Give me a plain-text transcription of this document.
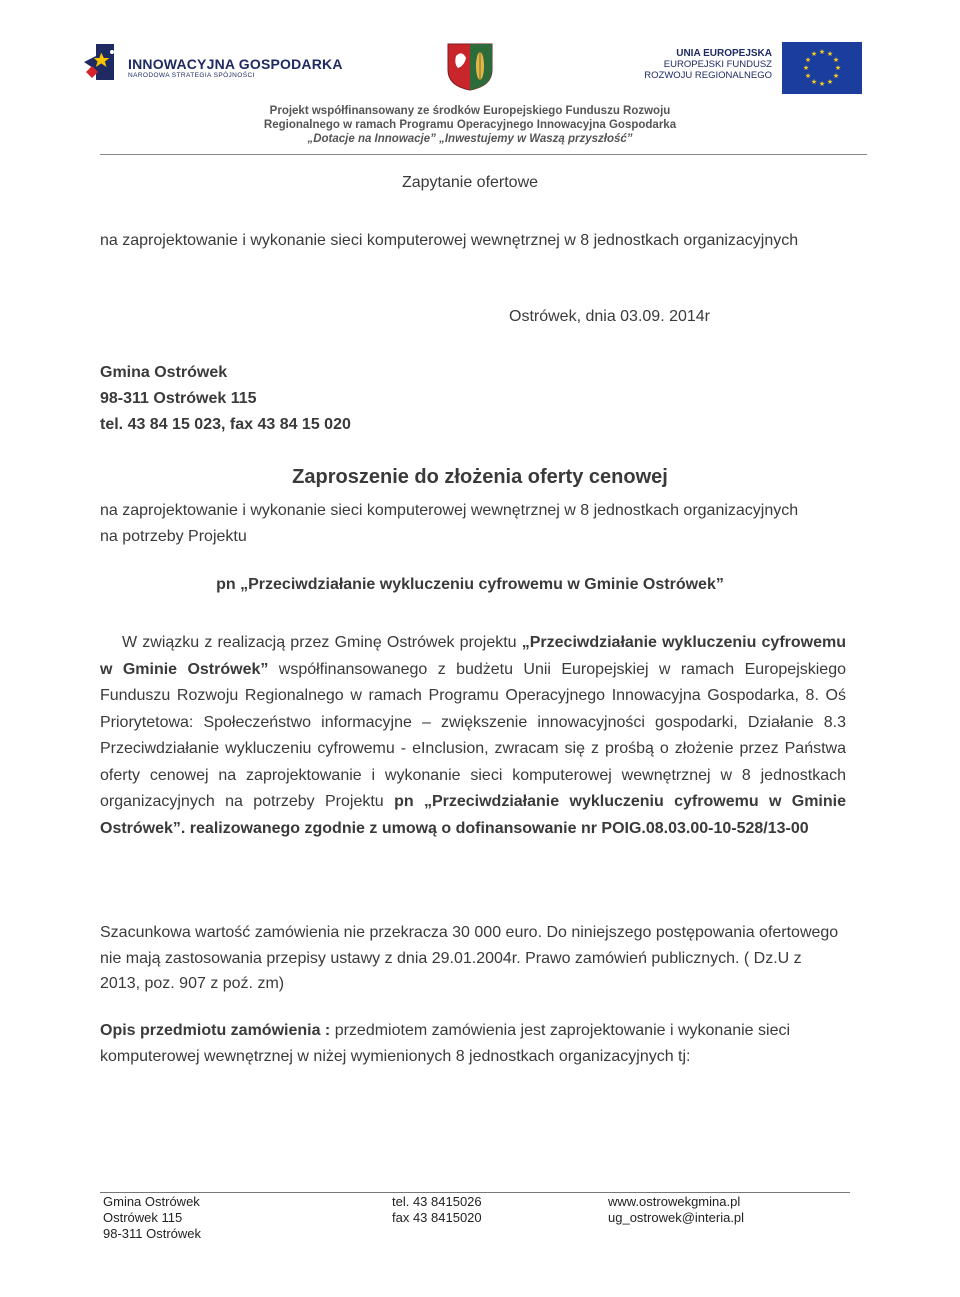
INNOWACYJNA GOSPODARKA
NARODOWA STRATEGIA SPÓJNOŚCI
UNIA EUROPEJSKA
EUROPEJSKI FUNDUSZ
ROZWOJU REGIONALNEGO
★ ★
★
★
★
★
★
★
★
★
★
★
Projekt współfinansowany ze środków Europejskiego Funduszu Rozwoju
Regionalnego w ramach Programu Operacyjnego Innowacyjna Gospodarka
„Dotacje na Innowacje” „Inwestujemy w Waszą przyszłość”
Zapytanie ofertowe
na zaprojektowanie i wykonanie sieci komputerowej wewnętrznej w 8 jednostkach organizacyjnych
Ostrówek, dnia 03.09. 2014r
Gmina Ostrówek
98-311 Ostrówek 115
tel. 43 84 15 023, fax 43 84 15 020
Zaproszenie do złożenia oferty cenowej
na zaprojektowanie i wykonanie sieci komputerowej wewnętrznej w 8 jednostkach organizacyjnych na potrzeby Projektu
pn „Przeciwdziałanie wykluczeniu cyfrowemu w Gminie Ostrówek”
W związku z realizacją przez Gminę Ostrówek projektu „Przeciwdziałanie wykluczeniu cyfrowemu w Gminie Ostrówek” współfinansowanego z budżetu Unii Europejskiej w ramach Europejskiego Funduszu Rozwoju Regionalnego w ramach Programu Operacyjnego Innowacyjna Gospodarka, 8. Oś Priorytetowa: Społeczeństwo informacyjne – zwiększenie innowacyjności gospodarki, Działanie 8.3 Przeciwdziałanie wykluczeniu cyfrowemu - eInclusion, zwracam się z prośbą o złożenie przez Państwa oferty cenowej na zaprojektowanie i wykonanie sieci komputerowej wewnętrznej w 8 jednostkach organizacyjnych na potrzeby Projektu pn „Przeciwdziałanie wykluczeniu cyfrowemu w Gminie Ostrówek”. realizowanego zgodnie z umową o dofinansowanie nr POIG.08.03.00-10-528/13-00
Szacunkowa wartość zamówienia nie przekracza 30 000 euro. Do niniejszego postępowania ofertowego nie mają zastosowania przepisy ustawy z dnia 29.01.2004r. Prawo zamówień publicznych. ( Dz.U z 2013, poz. 907 z poź. zm)
Opis przedmiotu zamówienia : przedmiotem zamówienia jest zaprojektowanie i wykonanie sieci komputerowej wewnętrznej w niżej wymienionych 8 jednostkach organizacyjnych tj:
Gmina Ostrówek
Ostrówek 115
98-311 Ostrówek
tel. 43 8415026
fax 43 8415020
www.ostrowekgmina.pl
ug_ostrowek@interia.pl
